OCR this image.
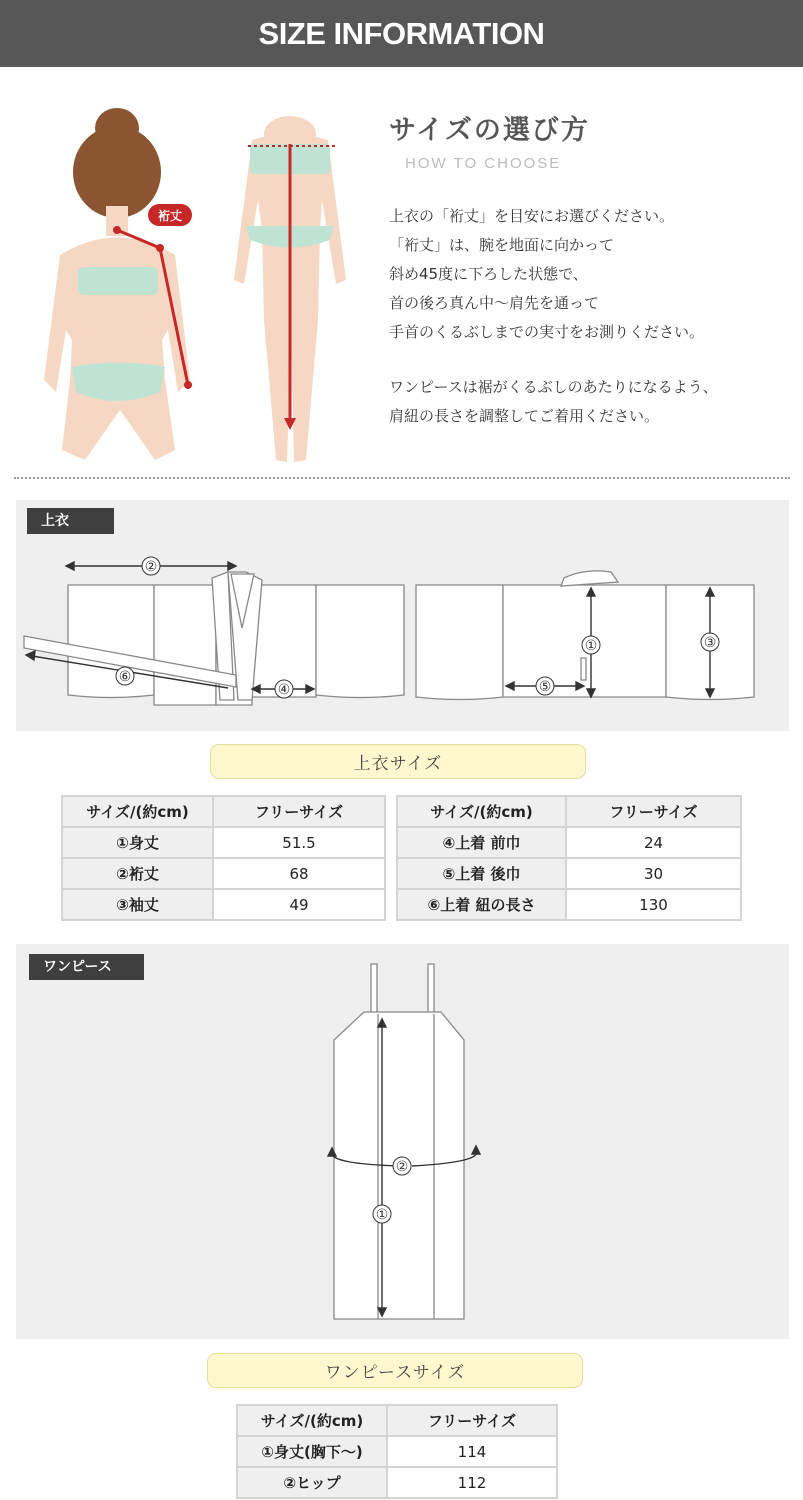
SIZE INFORMATION
裄丈
サイズの選び方
HOW TO CHOOSE

上衣の「裄丈」を目安にお選びください。

「裄丈」は、腕を地面に向かって

斜め45度に下ろした状態で、

首の後ろ真ん中～肩先を通って

手首のくるぶしまでの実寸をお測りください。

ワンピースは裾がくるぶしのあたりになるよう、

肩紐の長さを調整してご着用ください。

上衣
②
⑥
④
①
⑤
③
上衣サイズ
サイズ/(約cm)	フリーサイズ
①身丈	51.5
②裄丈	68
③袖丈	49
サイズ/(約cm)	フリーサイズ
④上着 前巾	24
⑤上着 後巾	30
⑥上着 紐の長さ	130
ワンピース
②
①
ワンピースサイズ
サイズ/(約cm)	フリーサイズ
①身丈(胸下～)	114
②ヒップ	112
